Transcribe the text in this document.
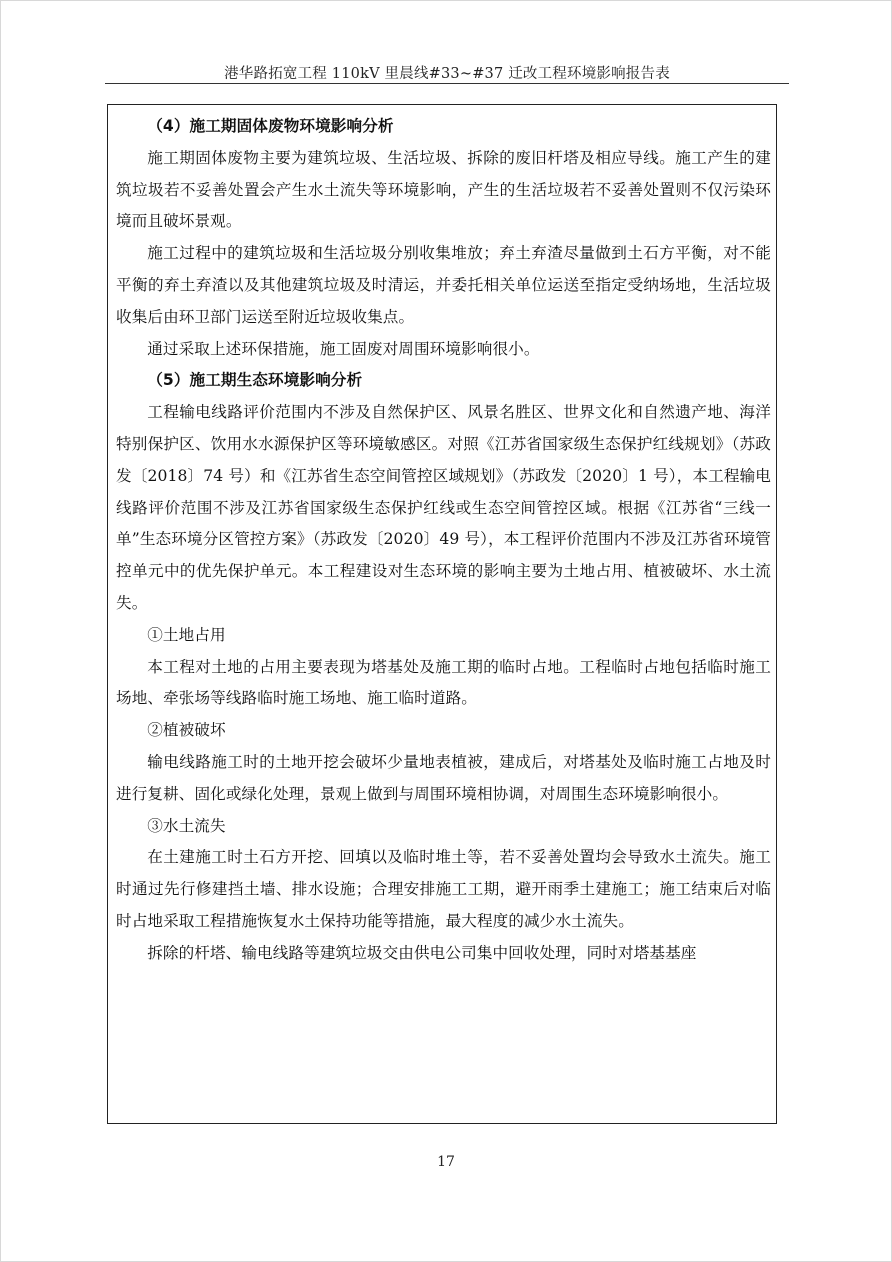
港华路拓宽工程 110kV 里晨线#33~#37 迁改工程环境影响报告表

（4）施工期固体废物环境影响分析

施工期固体废物主要为建筑垃圾、生活垃圾、拆除的废旧杆塔及相应导线。施工产生的建筑垃圾若不妥善处置会产生水土流失等环境影响，产生的生活垃圾若不妥善处置则不仅污染环境而且破坏景观。

施工过程中的建筑垃圾和生活垃圾分别收集堆放；弃土弃渣尽量做到土石方平衡，对不能平衡的弃土弃渣以及其他建筑垃圾及时清运，并委托相关单位运送至指定受纳场地，生活垃圾收集后由环卫部门运送至附近垃圾收集点。

通过采取上述环保措施，施工固废对周围环境影响很小。

（5）施工期生态环境影响分析

工程输电线路评价范围内不涉及自然保护区、风景名胜区、世界文化和自然遗产地、海洋特别保护区、饮用水水源保护区等环境敏感区。对照《江苏省国家级生态保护红线规划》（苏政发〔2018〕74 号）和《江苏省生态空间管控区域规划》（苏政发〔2020〕1 号），本工程输电线路评价范围不涉及江苏省国家级生态保护红线或生态空间管控区域。根据《江苏省“三线一单”生态环境分区管控方案》（苏政发〔2020〕49 号），本工程评价范围内不涉及江苏省环境管控单元中的优先保护单元。本工程建设对生态环境的影响主要为土地占用、植被破坏、水土流失。

①土地占用

本工程对土地的占用主要表现为塔基处及施工期的临时占地。工程临时占地包括临时施工场地、牵张场等线路临时施工场地、施工临时道路。

②植被破坏

输电线路施工时的土地开挖会破坏少量地表植被，建成后，对塔基处及临时施工占地及时进行复耕、固化或绿化处理，景观上做到与周围环境相协调，对周围生态环境影响很小。

③水土流失

在土建施工时土石方开挖、回填以及临时堆土等，若不妥善处置均会导致水土流失。施工时通过先行修建挡土墙、排水设施；合理安排施工工期，避开雨季土建施工；施工结束后对临时占地采取工程措施恢复水土保持功能等措施，最大程度的减少水土流失。

拆除的杆塔、输电线路等建筑垃圾交由供电公司集中回收处理，同时对塔基基座

17
